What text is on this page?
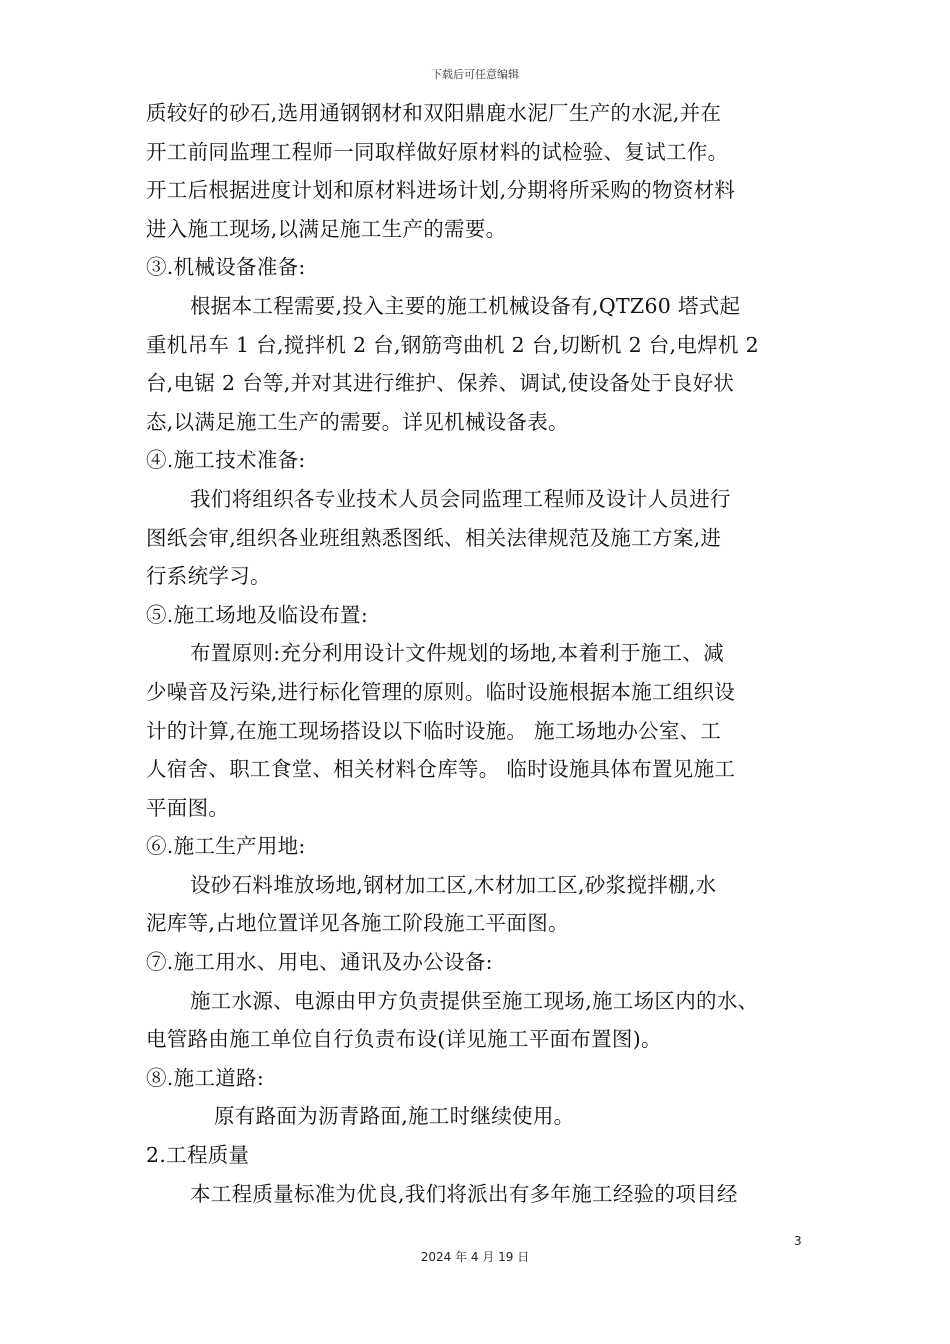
下载后可任意编辑
质较好的砂石,选用通钢钢材和双阳鼎鹿水泥厂生产的水泥,并在
开工前同监理工程师一同取样做好原材料的试检验、复试工作。
开工后根据进度计划和原材料进场计划,分期将所采购的物资材料
进入施工现场,以满足施工生产的需要。
③.机械设备准备:
根据本工程需要,投入主要的施工机械设备有,QTZ60 塔式起
重机吊车 1 台,搅拌机 2 台,钢筋弯曲机 2 台,切断机 2 台,电焊机 2
台,电锯 2 台等,并对其进行维护、保养、调试,使设备处于良好状
态,以满足施工生产的需要。详见机械设备表。
④.施工技术准备:
我们将组织各专业技术人员会同监理工程师及设计人员进行
图纸会审,组织各业班组熟悉图纸、相关法律规范及施工方案,进
行系统学习。
⑤.施工场地及临设布置:
布置原则:充分利用设计文件规划的场地,本着利于施工、减
少噪音及污染,进行标化管理的原则。临时设施根据本施工组织设
计的计算,在施工现场搭设以下临时设施。 施工场地办公室、工
人宿舍、职工食堂、相关材料仓库等。 临时设施具体布置见施工
平面图。
⑥.施工生产用地:
设砂石料堆放场地,钢材加工区,木材加工区,砂浆搅拌棚,水
泥库等,占地位置详见各施工阶段施工平面图。
⑦.施工用水、用电、通讯及办公设备:
施工水源、电源由甲方负责提供至施工现场,施工场区内的水、
电管路由施工单位自行负责布设(详见施工平面布置图)。
⑧.施工道路:
原有路面为沥青路面,施工时继续使用。
2.工程质量
本工程质量标准为优良,我们将派出有多年施工经验的项目经
3
2024 年 4 月 19 日
